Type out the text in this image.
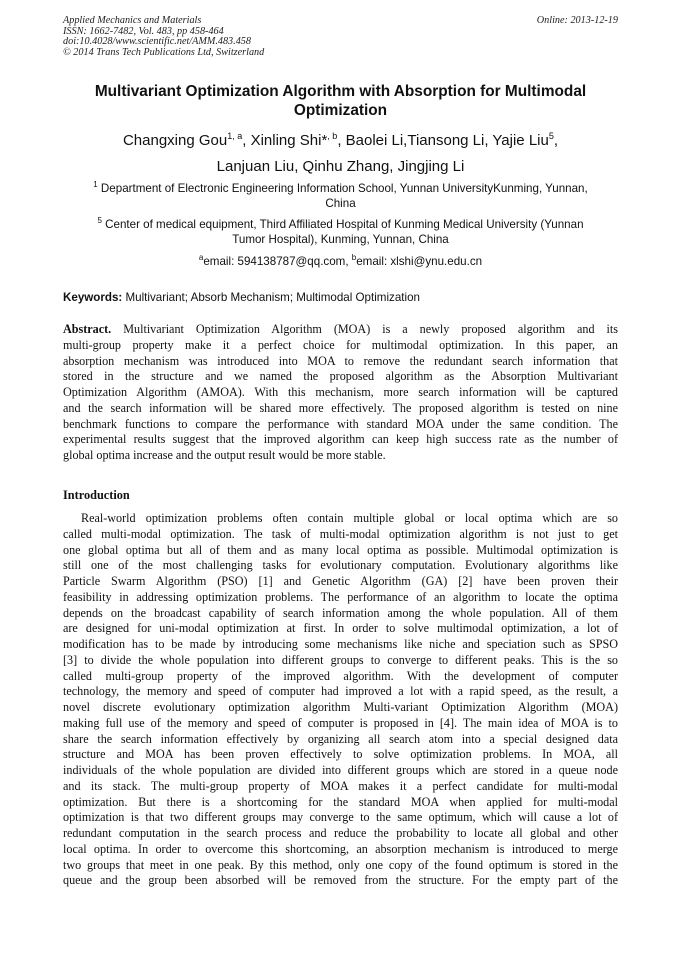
Applied Mechanics and Materials
ISSN: 1662-7482, Vol. 483, pp 458-464
doi:10.4028/www.scientific.net/AMM.483.458
© 2014 Trans Tech Publications Ltd, Switzerland
Online: 2013-12-19
Multivariant Optimization Algorithm with Absorption for Multimodal
Optimization
Changxing Gou$^{1, a}$, Xinling Shi*$^{, b}$, Baolei Li,Tiansong Li, Yajie Liu$^5$,
Lanjuan Liu, Qinhu Zhang, Jingjing Li
$^1$ Department of Electronic Engineering Information School, Yunnan UniversityKunming, Yunnan,
China
$^5$ Center of medical equipment, Third Affiliated Hospital of Kunming Medical University (Yunnan
Tumor Hospital), Kunming, Yunnan, China
$^a$email: 594138787@qq.com, $^b$email: xlshi@ynu.edu.cn
Keywords: Multivariant; Absorb Mechanism; Multimodal Optimization
Abstract. Multivariant Optimization Algorithm (MOA) is a newly proposed algorithm and its
multi-group property make it a perfect choice for multimodal optimization. In this paper, an
absorption mechanism was introduced into MOA to remove the redundant search information that
stored in the structure and we named the proposed algorithm as the Absorption Multivariant
Optimization Algorithm (AMOA). With this mechanism, more search information will be captured
and the search information will be shared more effectively. The proposed algorithm is tested on nine
benchmark functions to compare the performance with standard MOA under the same condition. The
experimental results suggest that the improved algorithm can keep high success rate as the number of
global optima increase and the output result would be more stable.
Introduction
Real-world optimization problems often contain multiple global or local optima which are so
called multi-modal optimization. The task of multi-modal optimization algorithm is not just to get
one global optima but all of them and as many local optima as possible. Multimodal optimization is
still one of the most challenging tasks for evolutionary computation. Evolutionary algorithms like
Particle Swarm Algorithm (PSO) [1] and Genetic Algorithm (GA) [2] have been proven their
feasibility in addressing optimization problems. The performance of an algorithm to locate the optima
depends on the broadcast capability of search information among the whole population. All of them
are designed for uni-modal optimization at first. In order to solve multimodal optimization, a lot of
modification has to be made by introducing some mechanisms like niche and speciation such as SPSO
[3] to divide the whole population into different groups to converge to different peaks. This is the so
called multi-group property of the improved algorithm. With the development of computer
technology, the memory and speed of computer had improved a lot with a rapid speed, as the result, a
novel discrete evolutionary optimization algorithm Multi-variant Optimization Algorithm (MOA)
making full use of the memory and speed of computer is proposed in [4]. The main idea of MOA is to
share the search information effectively by organizing all search atom into a special designed data
structure and MOA has been proven effectively to solve optimization problems. In MOA, all
individuals of the whole population are divided into different groups which are stored in a queue node
and its stack. The multi-group property of MOA makes it a perfect candidate for multi-modal
optimization. But there is a shortcoming for the standard MOA when applied for multi-modal
optimization is that two different groups may converge to the same optimum, which will cause a lot of
redundant computation in the search process and reduce the probability to locate all global and other
local optima. In order to overcome this shortcoming, an absorption mechanism is introduced to merge
two groups that meet in one peak. By this method, only one copy of the found optimum is stored in the
queue and the group been absorbed will be removed from the structure. For the empty part of the
